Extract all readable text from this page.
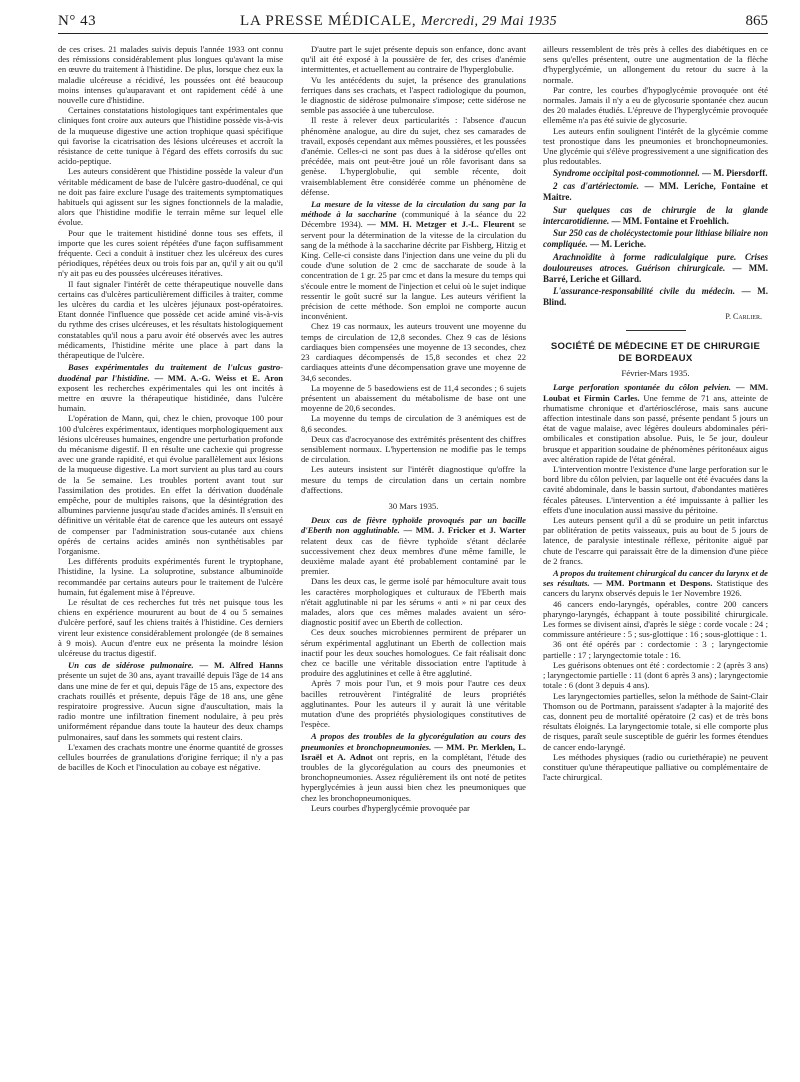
N° 43	LA PRESSE MÉDICALE, Mercredi, 29 Mai 1935	865

de ces crises. 21 malades suivis depuis l'année 1933 ont connu des rémissions considérablement plus longues qu'avant la mise en œuvre du traitement à l'histidine. De plus, lorsque chez eux la maladie ulcéreuse a récidivé, les poussées ont été beaucoup moins intenses qu'auparavant et ont rapidement cédé à une nouvelle cure d'histidine.

Certaines constatations histologiques tant expérimentales que cliniques font croire aux auteurs que l'histidine possède vis-à-vis de la muqueuse digestive une action trophique quasi spécifique qui favorise la cicatrisation des lésions ulcéreuses et accroît la résistance de cette tunique à l'égard des effets corrosifs du suc acido-peptique.

Les auteurs considèrent que l'histidine possède la valeur d'un véritable médicament de base de l'ulcère gastro-duodénal, ce qui ne doit pas faire exclure l'usage des traitements symptomatiques habituels qui agissent sur les signes fonctionnels de la maladie, alors que l'histidine modifie le terrain même sur lequel elle évolue.

Pour que le traitement histidiné donne tous ses effets, il importe que les cures soient répétées d'une façon suffisamment fréquente. Ceci a conduit à instituer chez les ulcéreux des cures périodiques, répétées deux ou trois fois par an, qu'il y ait ou qu'il n'y ait pas eu des poussées ulcéreuses itératives.

Il faut signaler l'intérêt de cette thérapeutique nouvelle dans certains cas d'ulcères particulièrement difficiles à traiter, comme les ulcères du cardia et les ulcères jéjunaux post-opératoires. Etant donnée l'influence que possède cet acide aminé vis-à-vis du rythme des crises ulcéreuses, et les résultats histologiquement constatables qu'il nous a paru avoir été observés avec les autres médicaments, l'histidine mérite une place à part dans la thérapeutique de l'ulcère.

Bases expérimentales du traitement de l'ulcus gastro-duodénal par l'histidine. — MM. A.-G. Weiss et E. Aron exposent les recherches expérimentales qui les ont incités à mettre en œuvre la thérapeutique histidinée, dans l'ulcère humain.

L'opération de Mann, qui, chez le chien, provoque 100 pour 100 d'ulcères expérimentaux, identiques morphologiquement aux lésions ulcéreuses humaines, engendre une perturbation profonde du mécanisme digestif. Il en résulte une cachexie qui progresse avec une grande rapidité, et qui évolue parallèlement aux lésions de la muqueuse digestive. La mort survient au plus tard au cours de la 5e semaine. Les troubles portent avant tout sur l'assimilation des protides. En effet la dérivation duodénale empêche, pour de multiples raisons, que la désintégration des albumines parvienne jusqu'au stade d'acides aminés. Il s'ensuit en définitive un véritable état de carence que les auteurs ont essayé de compenser par l'administration sous-cutanée aux chiens opérés de certains acides aminés non synthétisables par l'organisme.

Les différents produits expérimentés furent le tryptophane, l'histidine, la lysine. La soluprotine, substance albuminoïde recommandée par certains auteurs pour le traitement de l'ulcère humain, fut également mise à l'épreuve.

Le résultat de ces recherches fut très net puisque tous les chiens en expérience moururent au bout de 4 ou 5 semaines d'ulcère perforé, sauf les chiens traités à l'histidine. Ces derniers virent leur existence considérablement prolongée (de 8 semaines à 9 mois). Aucun d'entre eux ne présenta la moindre lésion ulcéreuse du tractus digestif.

Un cas de sidérose pulmonaire. — M. Alfred Hanns présente un sujet de 30 ans, ayant travaillé depuis l'âge de 14 ans dans une mine de fer et qui, depuis l'âge de 15 ans, expectore des crachats rouillés et présente, depuis l'âge de 18 ans, une gêne respiratoire progressive. Aucun signe d'auscultation, mais la radio montre une infiltration finement nodulaire, à peu près uniformément répandue dans toute la hauteur des deux champs pulmonaires, sauf dans les sommets qui restent clairs.

L'examen des crachats montre une énorme quantité de grosses cellules bourrées de granulations d'origine ferrique; il n'y a pas de bacilles de Koch et l'inoculation au cobaye est négative.

D'autre part le sujet présente depuis son enfance, donc avant qu'il ait été exposé à la poussière de fer, des crises d'anémie intermittentes, et actuellement au contraire de l'hyperglobulie.

Vu les antécédents du sujet, la présence des granulations ferriques dans ses crachats, et l'aspect radiologique du poumon, le diagnostic de sidérose pulmonaire s'impose; cette sidérose ne semble pas associée à une tuberculose.

Il reste à relever deux particularités : l'absence d'aucun phénomène analogue, au dire du sujet, chez ses camarades de travail, exposés cependant aux mêmes poussières, et les poussées d'anémie. Celles-ci ne sont pas dues à la sidérose qu'elles ont précédée, mais ont peut-être joué un rôle favorisant dans sa genèse. L'hyperglobulie, qui semble récente, doit vraisemblablement être considérée comme un phénomène de défense.

La mesure de la vitesse de la circulation du sang par la méthode à la saccharine (communiqué à la séance du 22 Décembre 1934). — MM. H. Metzger et J.-L. Fleurent se servent pour la détermination de la vitesse de la circulation du sang de la méthode à la saccharine décrite par Fishberg, Hitzig et King. Celle-ci consiste dans l'injection dans une veine du pli du coude d'une solution de 2 cmc de saccharate de soude à la concentration de 1 gr. 25 par cmc et dans la mesure du temps qui s'écoule entre le moment de l'injection et celui où le sujet indique ressentir le goût sucré sur la langue. Les auteurs vérifient la précision de cette méthode. Son emploi ne comporte aucun inconvénient.

Chez 19 cas normaux, les auteurs trouvent une moyenne du temps de circulation de 12,8 secondes. Chez 9 cas de lésions cardiaques bien compensées une moyenne de 13 secondes, chez 23 cardiaques décompensés de 15,8 secondes et chez 22 cardiaques atteints d'une décompensation grave une moyenne de 34,6 secondes.

La moyenne de 5 basedowiens est de 11,4 secondes ; 6 sujets présentent un abaissement du métabolisme de base ont une moyenne de 20,6 secondes.

La moyenne du temps de circulation de 3 anémiques est de 8,6 secondes.

Deux cas d'acrocyanose des extrémités présentent des chiffres sensiblement normaux. L'hypertension ne modifie pas le temps de circulation.

Les auteurs insistent sur l'intérêt diagnostique qu'offre la mesure du temps de circulation dans un certain nombre d'affections.

30 Mars 1935.

Deux cas de fièvre typhoïde provoqués par un bacille d'Eberth non agglutinable. — MM. J. Fricker et J. Warter relatent deux cas de fièvre typhoïde s'étant déclarée successivement chez deux membres d'une même famille, le deuxième malade ayant été probablement contaminé par le premier.

Dans les deux cas, le germe isolé par hémoculture avait tous les caractères morphologiques et culturaux de l'Eberth mais n'était agglutinable ni par les sérums « anti » ni par ceux des malades, alors que ces mêmes malades avaient un séro-diagnostic positif avec un Eberth de collection.

Ces deux souches microbiennes permirent de préparer un sérum expérimental agglutinant un Eberth de collection mais inactif pour les deux souches homologues. Ce fait réalisait donc chez ce bacille une véritable dissociation entre l'aptitude à produire des agglutinines et celle à être agglutiné.

Après 7 mois pour l'un, et 9 mois pour l'autre ces deux bacilles retrouvèrent l'intégralité de leurs propriétés agglutinantes. Pour les auteurs il y aurait là une véritable mutation d'une des propriétés physiologiques constitutives de l'espèce.

A propos des troubles de la glycorégulation au cours des pneumonies et bronchopneumonies. — MM. Pr. Merklen, L. Israël et A. Adnot ont repris, en la complétant, l'étude des troubles de la glycorégulation au cours des pneumonies et bronchopneumonies. Assez régulièrement ils ont noté de petites hyperglycémies à jeun aussi bien chez les pneumoniques que chez les bronchopneumoniques.

Leurs courbes d'hyperglycémie provoquée par

ailleurs ressemblent de très près à celles des diabétiques en ce sens qu'elles présentent, outre une augmentation de la flèche d'hyperglycémie, un allongement du retour du sucre à la normale.

Par contre, les courbes d'hypoglycémie provoquée ont été normales. Jamais il n'y a eu de glycosurie spontanée chez aucun des 20 malades étudiés. L'épreuve de l'hyperglycémie provoquée ellemême n'a pas été suivie de glycosurie.

Les auteurs enfin soulignent l'intérêt de la glycémie comme test pronostique dans les pneumonies et bronchopneumonies. Une glycémie qui s'élève progressivement a une signification des plus redoutables.

Syndrome occipital post-commotionnel. — M. Piersdorff.

2 cas d'artériectomie. — MM. Leriche, Fontaine et Maitre.

Sur quelques cas de chirurgie de la glande intercarotidienne. — MM. Fontaine et Froehlich.

Sur 250 cas de cholécystectomie pour lithiase biliaire non compliquée. — M. Leriche.

Arachnoïdite à forme radiculalgique pure. Crises douloureuses atroces. Guérison chirurgicale. — MM. Barré, Leriche et Gillard.

L'assurance-responsabilité civile du médecin. — M. Blind.

P. Carlier.

SOCIÉTÉ DE MÉDECINE ET DE CHIRURGIE
DE BORDEAUX
Février-Mars 1935.

Large perforation spontanée du côlon pelvien. — MM. Loubat et Firmin Carles. Une femme de 71 ans, atteinte de rhumatisme chronique et d'artériosclérose, mais sans aucune affection intestinale dans son passé, présente pendant 5 jours un état de vague malaise, avec légères douleurs abdominales péri-ombilicales et constipation absolue. Puis, le 5e jour, douleur brusque et apparition soudaine de phénomènes péritonéaux aigus avec altération rapide de l'état général.

L'intervention montre l'existence d'une large perforation sur le bord libre du côlon pelvien, par laquelle ont été évacuées dans la cavité abdominale, dans le bassin surtout, d'abondantes matières fécales pâteuses. L'intervention a été impuissante à pallier les effets d'une inoculation aussi massive du péritoine.

Les auteurs pensent qu'il a dû se produire un petit infarctus par oblitération de petits vaisseaux, puis au bout de 5 jours de latence, de paralysie intestinale réflexe, péritonite aiguë par chute de l'escarre qui paraissait être de la dimension d'une pièce de 2 francs.

A propos du traitement chirurgical du cancer du larynx et de ses résultats. — MM. Portmann et Despons. Statistique des cancers du larynx observés depuis le 1er Novembre 1926.

46 cancers endo-laryngés, opérables, contre 200 cancers pharyngo-laryngés, échappant à toute possibilité chirurgicale. Les formes se divisent ainsi, d'après le siège : corde vocale : 24 ; commissure antérieure : 5 ; sus-glottique : 16 ; sous-glottique : 1.

36 ont été opérés par : cordectomie : 3 ; laryngectomie partielle : 17 ; laryngectomie totale : 16.

Les guérisons obtenues ont été : cordectomie : 2 (après 3 ans) ; laryngectomie partielle : 11 (dont 6 après 3 ans) ; laryngectomie totale : 6 (dont 3 depuis 4 ans).

Les laryngectomies partielles, selon la méthode de Saint-Clair Thomson ou de Portmann, paraissent s'adapter à la majorité des cas, donnent peu de mortalité opératoire (2 cas) et de très bons résultats éloignés. La laryngectomie totale, si elle comporte plus de risques, paraît seule susceptible de guérir les formes étendues de cancer endo-laryngé.

Les méthodes physiques (radio ou curiethérapie) ne peuvent constituer qu'une thérapeutique palliative ou complémentaire de l'acte chirurgical.
